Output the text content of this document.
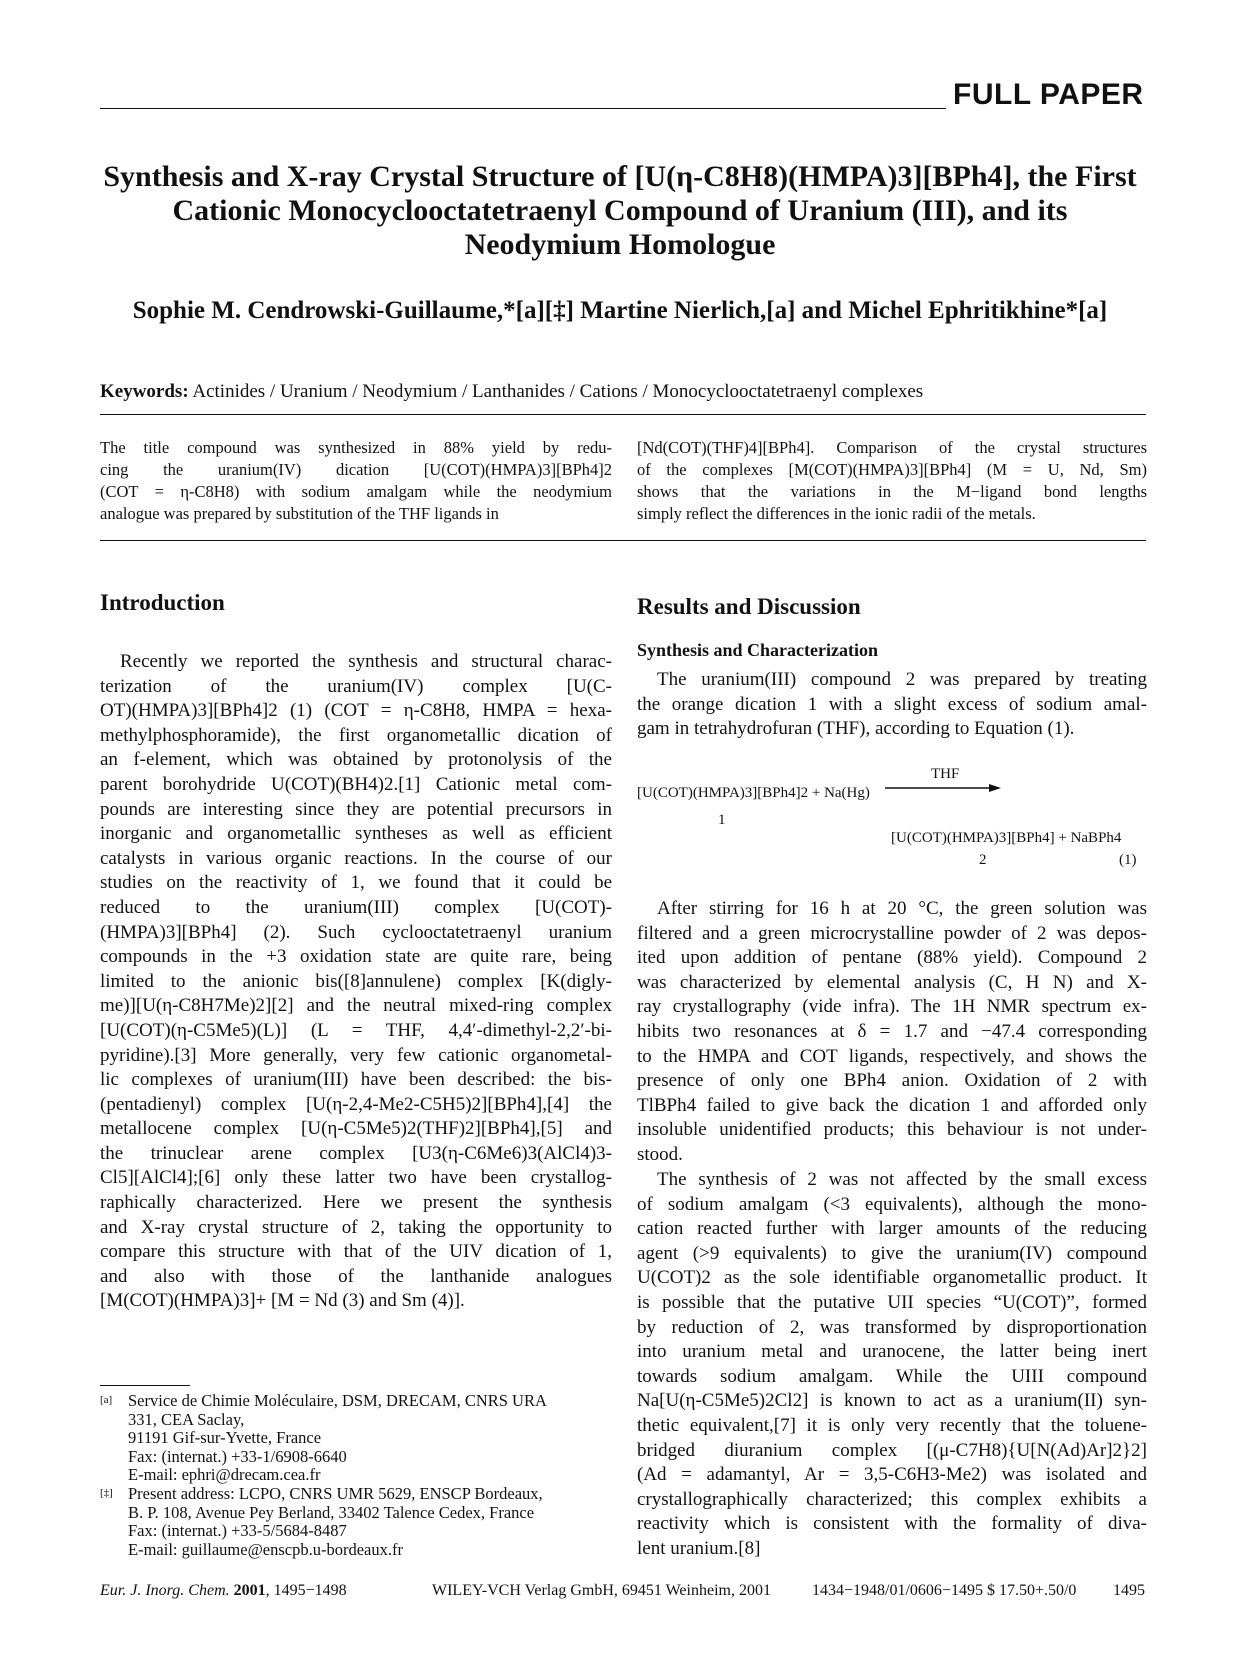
FULL PAPER
Synthesis and X-ray Crystal Structure of [U(η-C8H8)(HMPA)3][BPh4], the First Cationic Monocyclooctatetraenyl Compound of Uranium (III), and its Neodymium Homologue
Sophie M. Cendrowski-Guillaume,*[a][‡] Martine Nierlich,[a] and Michel Ephritikhine*[a]
Keywords: Actinides / Uranium / Neodymium / Lanthanides / Cations / Monocyclooctatetraenyl complexes
The title compound was synthesized in 88% yield by redu-
cing the uranium(IV) dication [U(COT)(HMPA)3][BPh4]2
(COT = η-C8H8) with sodium amalgam while the neodymium
analogue was prepared by substitution of the THF ligands in
[Nd(COT)(THF)4][BPh4]. Comparison of the crystal structures
of the complexes [M(COT)(HMPA)3][BPh4] (M = U, Nd, Sm)
shows that the variations in the M−ligand bond lengths
simply reflect the differences in the ionic radii of the metals.
Introduction	Results and Discussion
Synthesis and Characterization
Recently we reported the synthesis and structural charac-
terization of the uranium(IV) complex [U(C-
OT)(HMPA)3][BPh4]2 (1) (COT = η-C8H8, HMPA = hexa-
methylphosphoramide), the first organometallic dication of
an f-element, which was obtained by protonolysis of the
parent borohydride U(COT)(BH4)2.[1] Cationic metal com-
pounds are interesting since they are potential precursors in
inorganic and organometallic syntheses as well as efficient
catalysts in various organic reactions. In the course of our
studies on the reactivity of 1, we found that it could be
reduced to the uranium(III) complex [U(COT)-
(HMPA)3][BPh4] (2). Such cyclooctatetraenyl uranium
compounds in the +3 oxidation state are quite rare, being
limited to the anionic bis([8]annulene) complex [K(digly-
me)][U(η-C8H7Me)2][2] and the neutral mixed-ring complex
[U(COT)(η-C5Me5)(L)] (L = THF, 4,4′-dimethyl-2,2′-bi-
pyridine).[3] More generally, very few cationic organometal-
lic complexes of uranium(III) have been described: the bis-
(pentadienyl) complex [U(η-2,4-Me2-C5H5)2][BPh4],[4] the
metallocene complex [U(η-C5Me5)2(THF)2][BPh4],[5] and
the trinuclear arene complex [U3(η-C6Me6)3(AlCl4)3-
Cl5][AlCl4];[6] only these latter two have been crystallog-
raphically characterized. Here we present the synthesis
and X-ray crystal structure of 2, taking the opportunity to
compare this structure with that of the UIV dication of 1,
and also with those of the lanthanide analogues
[M(COT)(HMPA)3]+ [M = Nd (3) and Sm (4)].
The uranium(III) compound 2 was prepared by treating
the orange dication 1 with a slight excess of sodium amal-
gam in tetrahydrofuran (THF), according to Equation (1).
[U(COT)(HMPA)3][BPh4]2 + Na(Hg)
1
THF
[U(COT)(HMPA)3][BPh4] + NaBPh4
2	(1)
After stirring for 16 h at 20 °C, the green solution was
filtered and a green microcrystalline powder of 2 was depos-
ited upon addition of pentane (88% yield). Compound 2
was characterized by elemental analysis (C, H N) and X-
ray crystallography (vide infra). The 1H NMR spectrum ex-
hibits two resonances at δ = 1.7 and −47.4 corresponding
to the HMPA and COT ligands, respectively, and shows the
presence of only one BPh4 anion. Oxidation of 2 with
TlBPh4 failed to give back the dication 1 and afforded only
insoluble unidentified products; this behaviour is not under-
stood.
The synthesis of 2 was not affected by the small excess
of sodium amalgam (<3 equivalents), although the mono-
cation reacted further with larger amounts of the reducing
agent (>9 equivalents) to give the uranium(IV) compound
U(COT)2 as the sole identifiable organometallic product. It
is possible that the putative UII species “U(COT)”, formed
by reduction of 2, was transformed by disproportionation
into uranium metal and uranocene, the latter being inert
towards sodium amalgam. While the UIII compound
Na[U(η-C5Me5)2Cl2] is known to act as a uranium(II) syn-
thetic equivalent,[7] it is only very recently that the toluene-
bridged diuranium complex [(μ-C7H8){U[N(Ad)Ar]2}2]
(Ad = adamantyl, Ar = 3,5-C6H3-Me2) was isolated and
crystallographically characterized; this complex exhibits a
reactivity which is consistent with the formality of diva-
lent uranium.[8]
[a] Service de Chimie Moléculaire, DSM, DRECAM, CNRS URA
331, CEA Saclay,
91191 Gif-sur-Yvette, France
Fax: (internat.) +33-1/6908-6640
E-mail: ephri@drecam.cea.fr
[‡] Present address: LCPO, CNRS UMR 5629, ENSCP Bordeaux,
B. P. 108, Avenue Pey Berland, 33402 Talence Cedex, France
Fax: (internat.) +33-5/5684-8487
E-mail: guillaume@enscpb.u-bordeaux.fr
Eur. J. Inorg. Chem. 2001, 1495−1498	WILEY-VCH Verlag GmbH, 69451 Weinheim, 2001	1434−1948/01/0606−1495 $ 17.50+.50/0 1495
